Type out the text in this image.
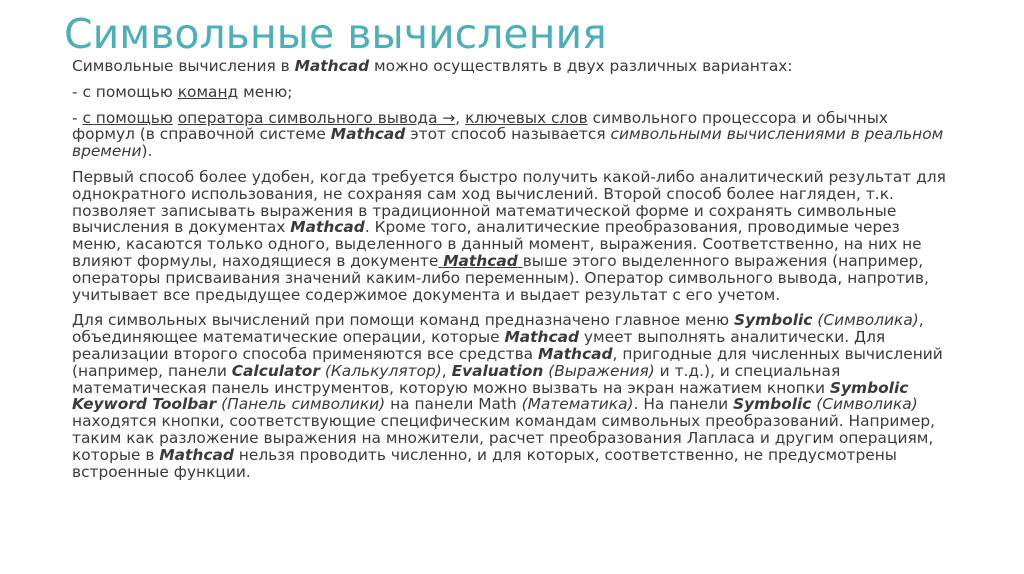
Символьные вычисления

Символьные вычисления в Mathcad можно осуществлять в двух различных вариантах:

- с помощью команд меню;

- с помощью оператора символьного вывода →, ключевых слов символьного процессора и обычных формул (в справочной системе Mathcad этот способ называется символьными вычислениями в реальном времени).

Первый способ более удобен, когда требуется быстро получить какой-либо аналитический результат для однократного использования, не сохраняя сам ход вычислений. Второй способ более нагляден, т.к. позволяет записывать выражения в традиционной математической форме и сохранять символьные вычисления в документах Mathcad. Кроме того, аналитические преобразования, проводимые через меню, касаются только одного, выделенного в данный момент, выражения. Соответственно, на них не влияют формулы, находящиеся в документе Mathcad выше этого выделенного выражения (например, операторы присваивания значений каким-либо переменным). Оператор символьного вывода, напротив, учитывает все предыдущее содержимое документа и выдает результат с его учетом.

Для символьных вычислений при помощи команд предназначено главное меню Symbolic (Символика), объединяющее математические операции, которые Mathcad умеет выполнять аналитически. Для реализации второго способа применяются все средства Mathcad, пригодные для численных вычислений (например, панели Calculator (Калькулятор), Evaluation (Выражения) и т.д.), и специальная математическая панель инструментов, которую можно вызвать на экран нажатием кнопки Symbolic Keyword Toolbar (Панель символики) на панели Math (Математика). На панели Symbolic (Символика) находятся кнопки, соответствующие специфическим командам символьных преобразований. Например, таким как разложение выражения на множители, расчет преобразования Лапласа и другим операциям, которые в Mathcad нельзя проводить численно, и для которых, соответственно, не предусмотрены встроенные функции.
